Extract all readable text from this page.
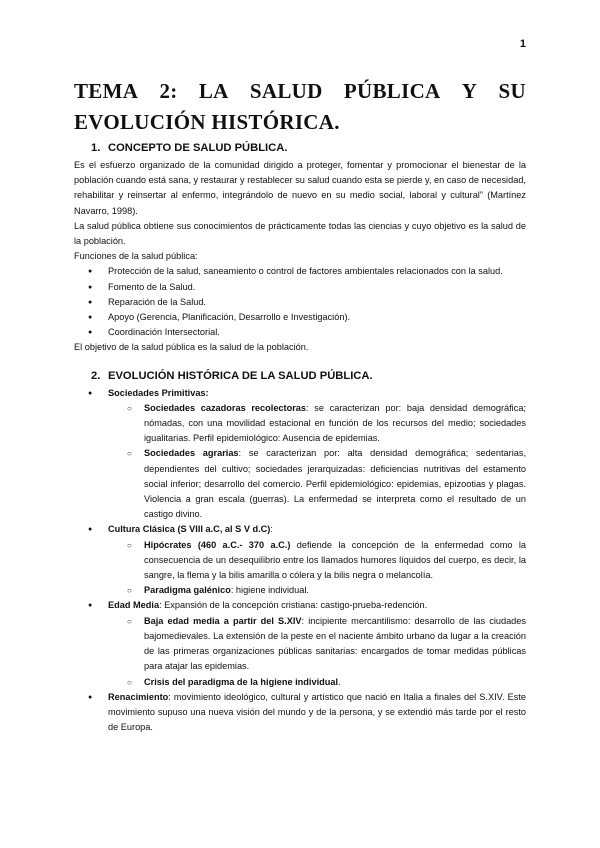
1
TEMA 2: LA SALUD PÚBLICA Y SU
EVOLUCIÓN HISTÓRICA.
1. CONCEPTO DE SALUD PÚBLICA.

Es el esfuerzo organizado de la comunidad dirigido a proteger, fomentar y promocionar el bienestar de la población cuando está sana, y restaurar y restablecer su salud cuando esta se pierde y, en caso de necesidad, rehabilitar y reinsertar al enfermo, integrándolo de nuevo en su medio social, laboral y cultural” (Martínez Navarro, 1998).

La salud pública obtiene sus conocimientos de prácticamente todas las ciencias y cuyo objetivo es la salud de la población.

Funciones de la salud pública:

● Protección de la salud, saneamiento o control de factores ambientales relacionados con la salud.
● Fomento de la Salud.
● Reparación de la Salud.
● Apoyo (Gerencia, Planificación, Desarrollo e Investigación).
● Coordinación Intersectorial.

El objetivo de la salud pública es la salud de la población.

2. EVOLUCIÓN HISTÓRICA DE LA SALUD PÚBLICA.
● Sociedades Primitivas:
○ Sociedades cazadoras recolectoras: se caracterizan por: baja densidad demográfica; nómadas, con una movilidad estacional en función de los recursos del medio; sociedades igualitarias. Perfil epidemiológico: Ausencia de epidemias.
○ Sociedades agrarias: se caracterizan por: alta densidad demográfica; sedentarias, dependientes del cultivo; sociedades jerarquizadas: deficiencias nutritivas del estamento social inferior; desarrollo del comercio. Perfil epidemiológico: epidemias, epizootias y plagas. Violencia a gran escala (guerras). La enfermedad se interpreta como el resultado de un castigo divino.
● Cultura Clásica (S VIII a.C, al S V d.C):
○ Hipócrates (460 a.C.- 370 a.C.) defiende la concepción de la enfermedad como la consecuencia de un desequilibrio entre los llamados humores líquidos del cuerpo, es decir, la sangre, la flema y la bilis amarilla o cólera y la bilis negra o melancolía.
○ Paradigma galénico: higiene individual.
● Edad Media: Expansión de la concepción cristiana: castigo-prueba-redención.
○ Baja edad media a partir del S.XIV: incipiente mercantilismo: desarrollo de las ciudades bajomedievales. La extensión de la peste en el naciente ámbito urbano da lugar a la creación de las primeras organizaciones públicas sanitarias: encargados de tomar medidas públicas para atajar las epidemias.
○ Crisis del paradigma de la higiene individual.
● Renacimiento: movimiento ideológico, cultural y artístico que nació en Italia a finales del S.XIV. Este movimiento supuso una nueva visión del mundo y de la persona, y se extendió más tarde por el resto de Europa.
